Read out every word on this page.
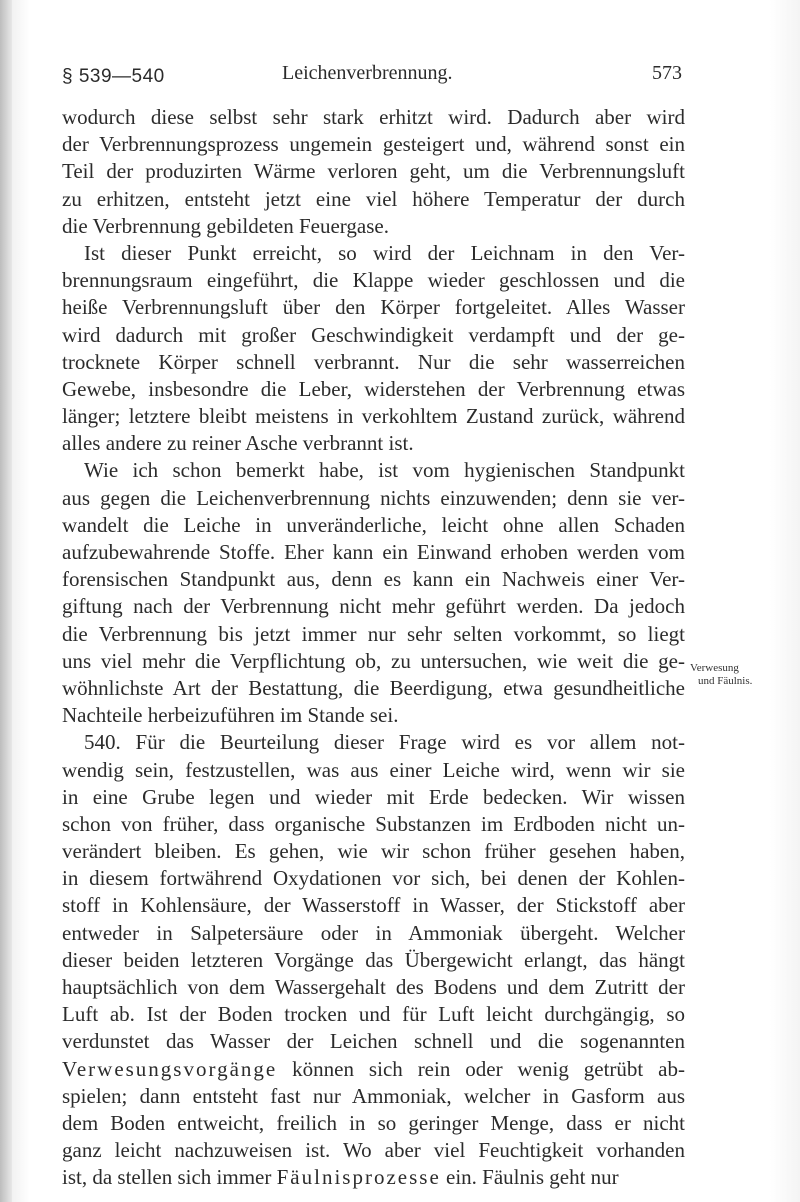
§ 539—540	Leichenverbrennung.	573
wodurch diese selbst sehr stark erhitzt wird. Dadurch aber wird
der Verbrennungsprozess ungemein gesteigert und, während sonst ein
Teil der produzirten Wärme verloren geht, um die Verbrennungsluft
zu erhitzen, entsteht jetzt eine viel höhere Temperatur der durch
die Verbrennung gebildeten Feuergase.
Ist dieser Punkt erreicht, so wird der Leichnam in den Ver-
brennungsraum eingeführt, die Klappe wieder geschlossen und die
heiße Verbrennungsluft über den Körper fortgeleitet. Alles Wasser
wird dadurch mit großer Geschwindigkeit verdampft und der ge-
trocknete Körper schnell verbrannt. Nur die sehr wasserreichen
Gewebe, insbesondre die Leber, widerstehen der Verbrennung etwas
länger; letztere bleibt meistens in verkohltem Zustand zurück, während
alles andere zu reiner Asche verbrannt ist.
Wie ich schon bemerkt habe, ist vom hygienischen Standpunkt
aus gegen die Leichenverbrennung nichts einzuwenden; denn sie ver-
wandelt die Leiche in unveränderliche, leicht ohne allen Schaden
aufzubewahrende Stoffe. Eher kann ein Einwand erhoben werden vom
forensischen Standpunkt aus, denn es kann ein Nachweis einer Ver-
giftung nach der Verbrennung nicht mehr geführt werden. Da jedoch
die Verbrennung bis jetzt immer nur sehr selten vorkommt, so liegt
uns viel mehr die Verpflichtung ob, zu untersuchen, wie weit die ge-
wöhnlichste Art der Bestattung, die Beerdigung, etwa gesundheitliche
Nachteile herbeizuführen im Stande sei.
540. Für die Beurteilung dieser Frage wird es vor allem not-
wendig sein, festzustellen, was aus einer Leiche wird, wenn wir sie
in eine Grube legen und wieder mit Erde bedecken. Wir wissen
schon von früher, dass organische Substanzen im Erdboden nicht un-
verändert bleiben. Es gehen, wie wir schon früher gesehen haben,
in diesem fortwährend Oxydationen vor sich, bei denen der Kohlen-
stoff in Kohlensäure, der Wasserstoff in Wasser, der Stickstoff aber
entweder in Salpetersäure oder in Ammoniak übergeht. Welcher
dieser beiden letzteren Vorgänge das Übergewicht erlangt, das hängt
hauptsächlich von dem Wassergehalt des Bodens und dem Zutritt der
Luft ab. Ist der Boden trocken und für Luft leicht durchgängig, so
verdunstet das Wasser der Leichen schnell und die sogenannten
Verwesungsvorgänge können sich rein oder wenig getrübt ab-
spielen; dann entsteht fast nur Ammoniak, welcher in Gasform aus
dem Boden entweicht, freilich in so geringer Menge, dass er nicht
ganz leicht nachzuweisen ist. Wo aber viel Feuchtigkeit vorhanden
ist, da stellen sich immer Fäulnisprozesse ein. Fäulnis geht nur
Verwesung
und Fäulnis.
